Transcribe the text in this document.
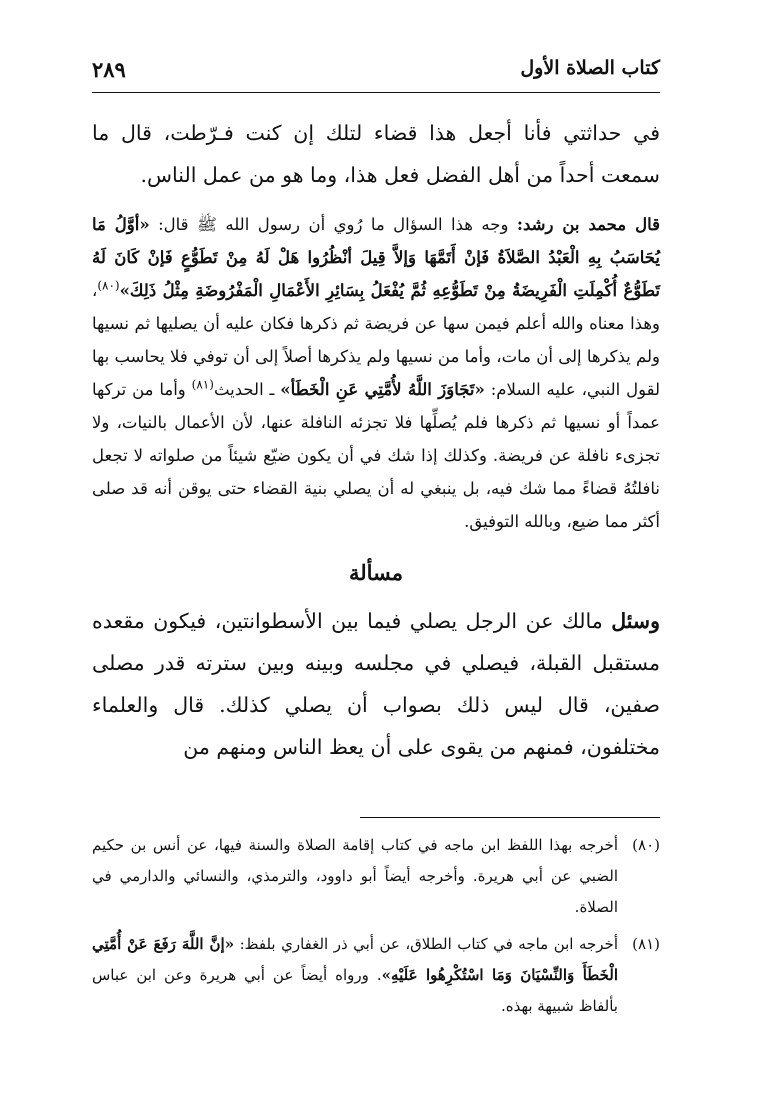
كتاب الصلاة الأول
٢٨٩

في حداثتي فأنا أجعل هذا قضاء لتلك إن كنت فـرّطت، قال ما سمعت أحداً من أهل الفضل فعل هذا، وما هو من عمل الناس.

قال محمد بن رشد: وجه هذا السؤال ما رُوي أن رسول الله ﷺ قال: «أوَّلُ مَا يُحَاسَبُ بِهِ الْعَبْدُ الصَّلاَةُ فَإنْ أَتَمَّهَا وَإلاَّ قِيلَ أنْظُرُوا هَلْ لَهُ مِنْ تَطَوُّعٍ فَإنْ كَانَ لَهُ تَطَوُّعٌ أُكْمِلَتِ الْفَرِيضَةُ مِنْ تَطَوُّعِهِ ثُمَّ يُفْعَلُ بِسَائِرِ الأَعْمَالِ الْمَفْرُوضَةِ مِثْلُ ذَلِكَ»$^{(٨٠)}$، وهذا معناه والله أعلم فيمن سها عن فريضة ثم ذكرها فكان عليه أن يصليها ثم نسيها ولم يذكرها إلى أن مات، وأما من نسيها ولم يذكرها أصلاً إلى أن توفي فلا يحاسب بها لقول النبي، عليه السلام: «تَجَاوَزَ اللَّهُ لأُمَّتِي عَنِ الْخَطَأ» ـ الحديث$^{(٨١)}$ وأما من تركها عمداً أو نسيها ثم ذكرها فلم يُصلِّها فلا تجزئه النافلة عنها، لأن الأعمال بالنيات، ولا تجزىء نافلة عن فريضة. وكذلك إذا شك في أن يكون ضيّع شيئاً من صلواته لا تجعل نافلتُهُ قضاءً مما شك فيه، بل ينبغي له أن يصلي بنية القضاء حتى يوقن أنه قد صلى أكثر مما ضيع، وبالله التوفيق.

مسألة

وسئل مالك عن الرجل يصلي فيما بين الأسطوانتين، فيكون مقعده مستقبل القبلة، فيصلي في مجلسه وبينه وبين سترته قدر مصلى صفين، قال ليس ذلك بصواب أن يصلي كذلك. قال والعلماء مختلفون، فمنهم من يقوى على أن يعظ الناس ومنهم من

(٨٠)
أخرجه بهذا اللفظ ابن ماجه في كتاب إقامة الصلاة والسنة فيها، عن أنس بن حكيم الضبي عن أبي هريرة. وأخرجه أيضاً أبو داوود، والترمذي، والنسائي والدارمي في الصلاة.
(٨١)
أخرجه ابن ماجه في كتاب الطلاق، عن أبي ذر الغفاري بلفظ: «إنَّ اللَّهَ رَفَعَ عَنْ أُمَّتِي الْخَطَأَ وَالنِّسْيَانَ وَمَا اسْتُكْرِهُوا عَلَيْهِ». ورواه أيضاً عن أبي هريرة وعن ابن عباس بألفاظ شبيهة بهذه.
